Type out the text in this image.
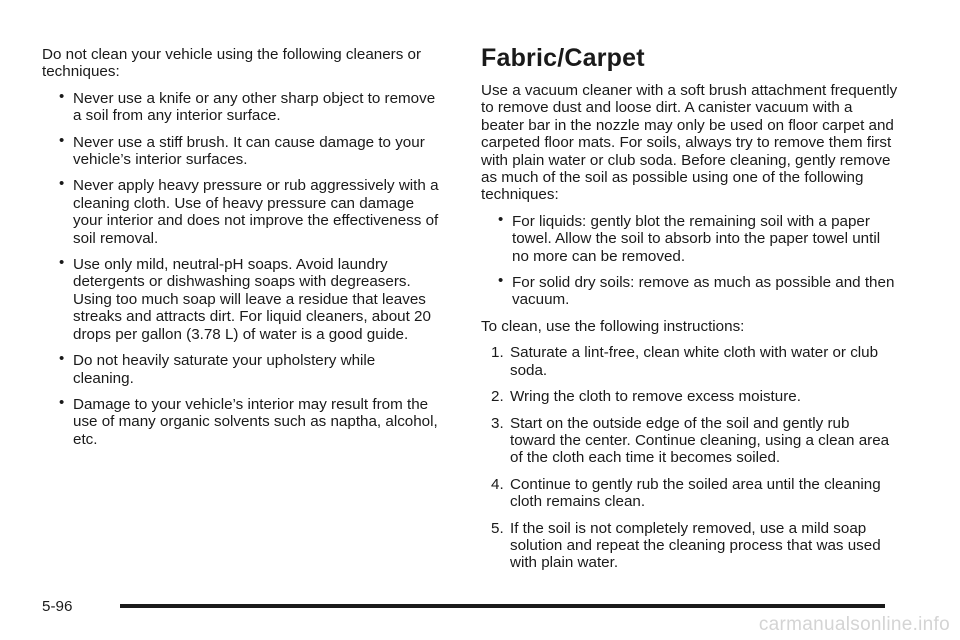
Do not clean your vehicle using the following cleaners or techniques:

• Never use a knife or any other sharp object to remove a soil from any interior surface.
• Never use a stiff brush. It can cause damage to your vehicle’s interior surfaces.
• Never apply heavy pressure or rub aggressively with a cleaning cloth. Use of heavy pressure can damage your interior and does not improve the effectiveness of soil removal.
• Use only mild, neutral-pH soaps. Avoid laundry detergents or dishwashing soaps with degreasers. Using too much soap will leave a residue that leaves streaks and attracts dirt. For liquid cleaners, about 20 drops per gallon (3.78 L) of water is a good guide.
• Do not heavily saturate your upholstery while cleaning.
• Damage to your vehicle’s interior may result from the use of many organic solvents such as naptha, alcohol, etc.
Fabric/Carpet

Use a vacuum cleaner with a soft brush attachment frequently to remove dust and loose dirt. A canister vacuum with a beater bar in the nozzle may only be used on floor carpet and carpeted floor mats. For soils, always try to remove them first with plain water or club soda. Before cleaning, gently remove as much of the soil as possible using one of the following techniques:

• For liquids: gently blot the remaining soil with a paper towel. Allow the soil to absorb into the paper towel until no more can be removed.
• For solid dry soils: remove as much as possible and then vacuum.

To clean, use the following instructions:

1. Saturate a lint-free, clean white cloth with water or club soda.
2. Wring the cloth to remove excess moisture.
3. Start on the outside edge of the soil and gently rub toward the center. Continue cleaning, using a clean area of the cloth each time it becomes soiled.
4. Continue to gently rub the soiled area until the cleaning cloth remains clean.
5. If the soil is not completely removed, use a mild soap solution and repeat the cleaning process that was used with plain water.
5-96
carmanualsonline.info
